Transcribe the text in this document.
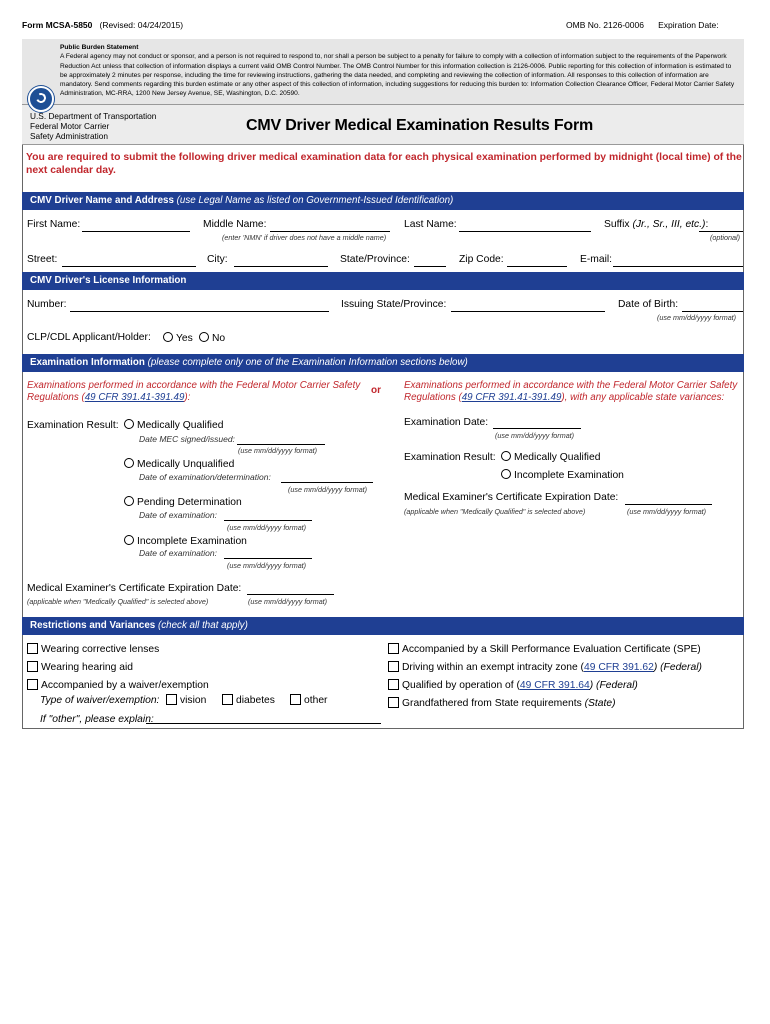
Form MCSA-5850 (Revised: 04/24/2015)	OMB No. 2126-0006 Expiration Date:
Public Burden Statement
A Federal agency may not conduct or sponsor, and a person is not required to respond to, nor shall a person be subject to a penalty for failure to comply with a collection of information subject to the requirements of the Paperwork Reduction Act unless that collection of information displays a current valid OMB Control Number. The OMB Control Number for this information collection is 2126-0006. Public reporting for this collection of information is estimated to be approximately 2 minutes per response, including the time for reviewing instructions, gathering the data needed, and completing and reviewing the collection of information. All responses to this collection of information are mandatory. Send comments regarding this burden estimate or any other aspect of this collection of information, including suggestions for reducing this burden to: Information Collection Clearance Officer, Federal Motor Carrier Safety Administration, MC-RRA, 1200 New Jersey Avenue, SE, Washington, D.C. 20590.
U.S. Department of Transportation
Federal Motor Carrier
Safety Administration
CMV Driver Medical Examination Results Form
You are required to submit the following driver medical examination data for each physical examination performed by midnight (local time) of the next calendar day.
CMV Driver Name and Address (use Legal Name as listed on Government-Issued Identification)
First Name:	Middle Name:
(enter 'NMN' if driver does not have a middle name)
Last Name:	Suffix (Jr., Sr., III, etc.):
(optional)
Street:	City:	State/Province:	Zip Code:	E-mail:
CMV Driver's License Information
Number:	Issuing State/Province:	Date of Birth:
(use mm/dd/yyyy format)
CLP/CDL Applicant/Holder:	Yes	No
Examination Information (please complete only one of the Examination Information sections below)
Examinations performed in accordance with the Federal Motor Carrier Safety Regulations (49 CFR 391.41-391.49):
or Examinations performed in accordance with the Federal Motor Carrier Safety Regulations (49 CFR 391.41-391.49), with any applicable state variances:
Examination Result:	Medically Qualified
Date MEC signed/issued:
(use mm/dd/yyyy format)
Medically Unqualified
Date of examination/determination:
(use mm/dd/yyyy format)
Pending Determination
Date of examination:
(use mm/dd/yyyy format)
Incomplete Examination
Date of examination:
(use mm/dd/yyyy format)
Medical Examiner's Certificate Expiration Date:
(applicable when "Medically Qualified" is selected above)	(use mm/dd/yyyy format)
Examination Date:
(use mm/dd/yyyy format)
Examination Result:	Medically Qualified
Incomplete Examination
Medical Examiner's Certificate Expiration Date:
(applicable when "Medically Qualified" is selected above)	(use mm/dd/yyyy format)
Restrictions and Variances (check all that apply)
Wearing corrective lenses
Wearing hearing aid
Accompanied by a waiver/exemption
Type of waiver/exemption:	vision	diabetes	other
If "other", please explain:
Accompanied by a Skill Performance Evaluation Certificate (SPE)
Driving within an exempt intracity zone (49 CFR 391.62) (Federal)
Qualified by operation of (49 CFR 391.64) (Federal)
Grandfathered from State requirements (State)
